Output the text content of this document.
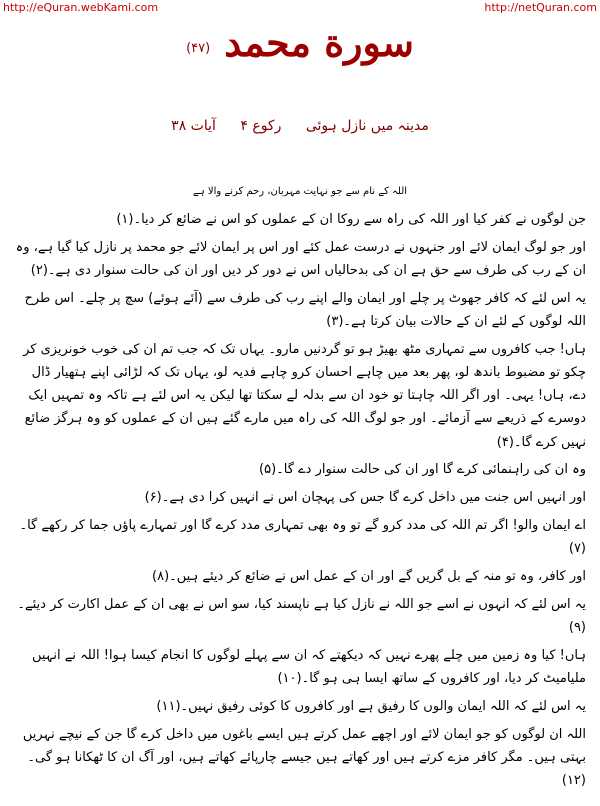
http://eQuran.webKami.com	http://netQuran.com
سورة محمد
(۴۷)
مدینہ میں نازل ہوئی رکوع ۴ آیات ۳۸
اللہ کے نام سے جو نہایت مہربان، رحم کرنے والا ہے

جن لوگوں نے کفر کیا اور اللہ کی راہ سے روکا ان کے عملوں کو اس نے ضائع کر دیا۔(۱)

اور جو لوگ ایمان لائے اور جنہوں نے درست عمل کئے اور اس پر ایمان لائے جو محمد پر نازل کیا گیا ہے، وہ ان کے رب کی طرف سے حق ہے ان کی بدحالیاں اس نے دور کر دیں اور ان کی حالت سنوار دی ہے۔(۲)

یہ اس لئے کہ کافر جھوٹ پر چلے اور ایمان والے اپنے رب کی طرف سے (آئے ہوئے) سچ پر چلے۔ اس طرح اللہ لوگوں کے لئے ان کے حالات بیان کرتا ہے۔(۳)

ہاں! جب کافروں سے تمہاری مٹھ بھیڑ ہو تو گردنیں مارو۔ یہاں تک کہ جب تم ان کی خوب خونریزی کر چکو تو مضبوط باندھ لو، پھر بعد میں چاہے احسان کرو چاہے فدیہ لو، یہاں تک کہ لڑائی اپنے ہتھیار ڈال دے، ہاں! یہی۔ اور اگر اللہ چاہتا تو خود ان سے بدلہ لے سکتا تھا لیکن یہ اس لئے ہے تاکہ وہ تمہیں ایک دوسرے کے ذریعے سے آزمائے۔ اور جو لوگ اللہ کی راہ میں مارے گئے ہیں ان کے عملوں کو وہ ہرگز ضائع نہیں کرے گا۔(۴)

وہ ان کی راہنمائی کرے گا اور ان کی حالت سنوار دے گا۔(۵)

اور انہیں اس جنت میں داخل کرے گا جس کی پہچان اس نے انہیں کرا دی ہے۔(۶)

اے ایمان والو! اگر تم اللہ کی مدد کرو گے تو وہ بھی تمہاری مدد کرے گا اور تمہارے پاؤں جما کر رکھے گا۔(۷)

اور کافر، وہ تو منہ کے بل گریں گے اور ان کے عمل اس نے ضائع کر دیئے ہیں۔(۸)

یہ اس لئے کہ انہوں نے اسے جو اللہ نے نازل کیا ہے ناپسند کیا، سو اس نے بھی ان کے عمل اکارت کر دیئے۔(۹)

ہاں! کیا وہ زمین میں چلے پھرے نہیں کہ دیکھتے کہ ان سے پہلے لوگوں کا انجام کیسا ہوا! اللہ نے انہیں ملیامیٹ کر دیا، اور کافروں کے ساتھ ایسا ہی ہو گا۔(۱۰)

یہ اس لئے کہ اللہ ایمان والوں کا رفیق ہے اور کافروں کا کوئی رفیق نہیں۔(۱۱)

اللہ ان لوگوں کو جو ایمان لائے اور اچھے عمل کرتے ہیں ایسے باغوں میں داخل کرے گا جن کے نیچے نہریں بہتی ہیں۔ مگر کافر مزے کرتے ہیں اور کھاتے ہیں جیسے چارپائے کھاتے ہیں، اور آگ ان کا ٹھکانا ہو گی۔(۱۲)
